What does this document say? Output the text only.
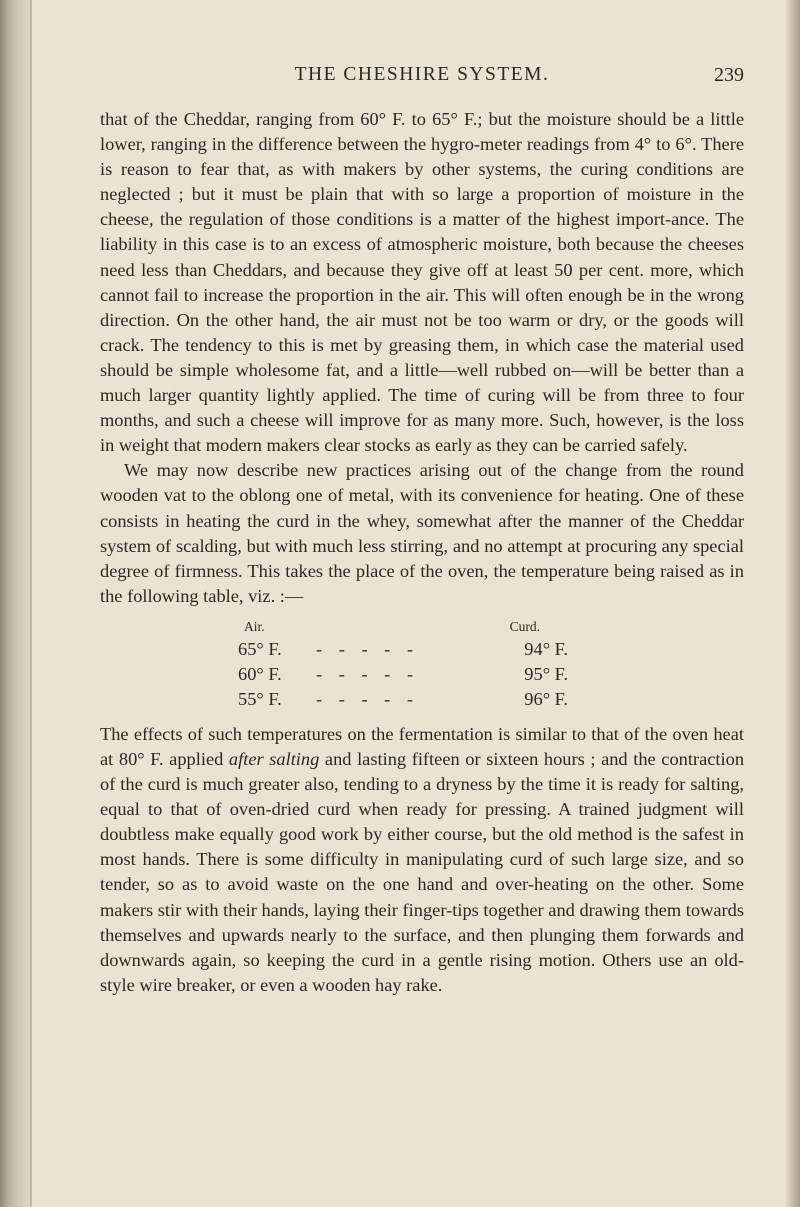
THE CHESHIRE SYSTEM.	239

that of the Cheddar, ranging from 60° F. to 65° F.; but the moisture should be a little lower, ranging in the difference between the hygro-meter readings from 4° to 6°. There is reason to fear that, as with makers by other systems, the curing conditions are neglected ; but it must be plain that with so large a proportion of moisture in the cheese, the regulation of those conditions is a matter of the highest import-ance. The liability in this case is to an excess of atmospheric moisture, both because the cheeses need less than Cheddars, and because they give off at least 50 per cent. more, which cannot fail to increase the proportion in the air. This will often enough be in the wrong direction. On the other hand, the air must not be too warm or dry, or the goods will crack. The tendency to this is met by greasing them, in which case the material used should be simple wholesome fat, and a little—well rubbed on—will be better than a much larger quantity lightly applied. The time of curing will be from three to four months, and such a cheese will improve for as many more. Such, however, is the loss in weight that modern makers clear stocks as early as they can be carried safely.

We may now describe new practices arising out of the change from the round wooden vat to the oblong one of metal, with its convenience for heating. One of these consists in heating the curd in the whey, somewhat after the manner of the Cheddar system of scalding, but with much less stirring, and no attempt at procuring any special degree of firmness. This takes the place of the oven, the temperature being raised as in the following table, viz. :—

Air.	Curd.
65° F.	- - - - -	94° F.
60° F.	- - - - -	95° F.
55° F.	- - - - -	96° F.

The effects of such temperatures on the fermentation is similar to that of the oven heat at 80° F. applied after salting and lasting fifteen or sixteen hours ; and the contraction of the curd is much greater also, tending to a dryness by the time it is ready for salting, equal to that of oven-dried curd when ready for pressing. A trained judgment will doubtless make equally good work by either course, but the old method is the safest in most hands. There is some difficulty in manipulating curd of such large size, and so tender, so as to avoid waste on the one hand and over-heating on the other. Some makers stir with their hands, laying their finger-tips together and drawing them towards themselves and upwards nearly to the surface, and then plunging them forwards and downwards again, so keeping the curd in a gentle rising motion. Others use an old-style wire breaker, or even a wooden hay rake.
